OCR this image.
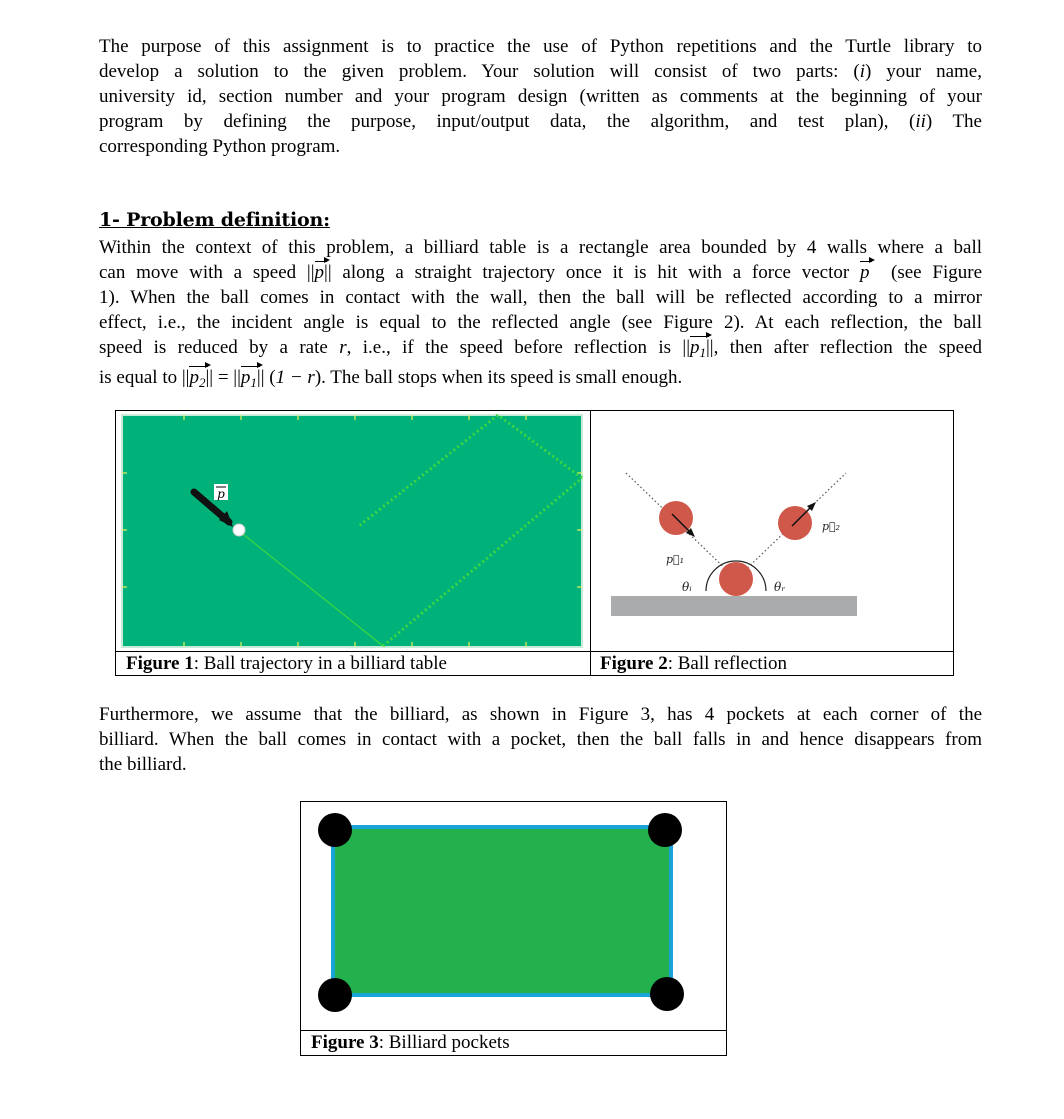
The purpose of this assignment is to practice the use of Python repetitions and the Turtle library to
develop a solution to the given problem. Your solution will consist of two parts: (i) your name,
university id, section number and your program design (written as comments at the beginning of your
program by defining the purpose, input/output data, the algorithm, and test plan), (ii) The
corresponding Python program.
1- Problem definition:
Within the context of this problem, a billiard table is a rectangle area bounded by 4 walls where a ball
can move with a speed ||p|| along a straight trajectory once it is hit with a force vector p (see Figure
1). When the ball comes in contact with the wall, then the ball will be reflected according to a mirror
effect, i.e., the incident angle is equal to the reflected angle (see Figure 2). At each reflection, the ball
speed is reduced by a rate r, i.e., if the speed before reflection is $||p_1||$, then after reflection the speed
is equal to $||p_2|| = ||p_1||$ (1 − r). The ball stops when its speed is small enough.
p
p⃗₁
p⃗₂
θᵢ	θᵣ
Figure 1: Ball trajectory in a billiard table	Figure 2: Ball reflection
Furthermore, we assume that the billiard, as shown in Figure 3, has 4 pockets at each corner of the
billiard. When the ball comes in contact with a pocket, then the ball falls in and hence disappears from
the billiard.
Figure 3: Billiard pockets
